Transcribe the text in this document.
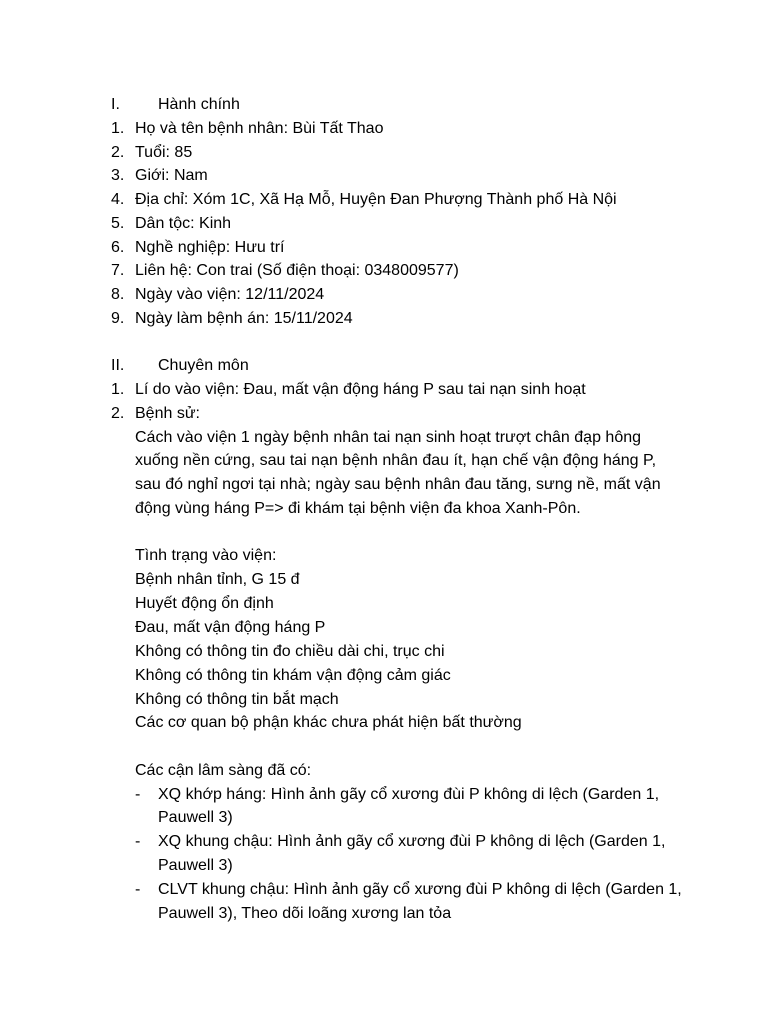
I. Hành chính
1. Họ và tên bệnh nhân: Bùi Tất Thao
2. Tuổi: 85
3. Giới: Nam
4. Địa chỉ: Xóm 1C, Xã Hạ Mỗ, Huyện Đan Phượng Thành phố Hà Nội
5. Dân tộc: Kinh
6. Nghề nghiệp: Hưu trí
7. Liên hệ: Con trai (Số điện thoại: 0348009577)
8. Ngày vào viện: 12/11/2024
9. Ngày làm bệnh án: 15/11/2024
II. Chuyên môn
1. Lí do vào viện: Đau, mất vận động háng P sau tai nạn sinh hoạt
2. Bệnh sử:
Cách vào viện 1 ngày bệnh nhân tai nạn sinh hoạt trượt chân đạp hông
xuống nền cứng, sau tai nạn bệnh nhân đau ít, hạn chế vận động háng P,
sau đó nghỉ ngơi tại nhà; ngày sau bệnh nhân đau tăng, sưng nề, mất vận
động vùng háng P=> đi khám tại bệnh viện đa khoa Xanh-Pôn.
Tình trạng vào viện:
Bệnh nhân tỉnh, G 15 đ
Huyết động ổn định
Đau, mất vận động háng P
Không có thông tin đo chiều dài chi, trục chi
Không có thông tin khám vận động cảm giác
Không có thông tin bắt mạch
Các cơ quan bộ phận khác chưa phát hiện bất thường
Các cận lâm sàng đã có:
- XQ khớp háng: Hình ảnh gãy cổ xương đùi P không di lệch (Garden 1,
Pauwell 3)
- XQ khung chậu: Hình ảnh gãy cổ xương đùi P không di lệch (Garden 1,
Pauwell 3)
- CLVT khung chậu: Hình ảnh gãy cổ xương đùi P không di lệch (Garden 1,
Pauwell 3), Theo dõi loãng xương lan tỏa
